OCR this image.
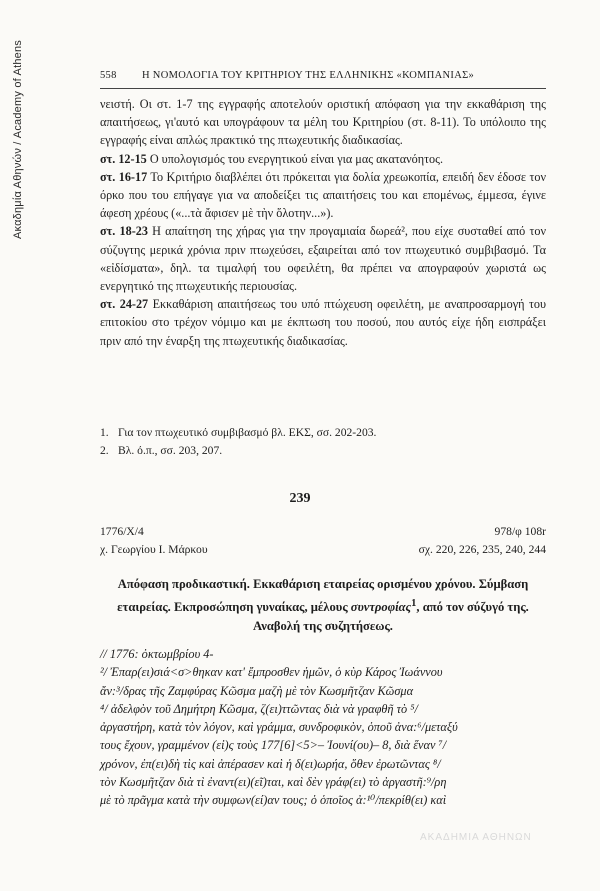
Ακαδημία Αθηνών / Academy of Athens	558 Η ΝΟΜΟΛΟΓΙΑ ΤΟΥ ΚΡΙΤΗΡΙΟΥ ΤΗΣ ΕΛΛΗΝΙΚΗΣ «ΚΟΜΠΑΝΙΑΣ»

νειστή. Οι στ. 1-7 της εγγραφής αποτελούν οριστική απόφαση για την εκκαθάριση της απαιτήσεως, γι'αυτό και υπογράφουν τα μέλη του Κριτηρίου (στ. 8-11). Το υπόλοιπο της εγγραφής είναι απλώς πρακτικό της πτωχευτικής διαδικασίας.

στ. 12-15 Ο υπολογισμός του ενεργητικού είναι για μας ακατανόητος.

στ. 16-17 Το Κριτήριο διαβλέπει ότι πρόκειται για δολία χρεωκοπία, επειδή δεν έδοσε τον όρκο που του επήγαγε για να αποδείξει τις απαιτήσεις του και επομένως, έμμεσα, έγινε άφεση χρέους («...τὰ ἄφισεν μὲ τὴν ὅλοτην...»).

στ. 18-23 Η απαίτηση της χήρας για την προγαμιαία δωρεά², που είχε συσταθεί από τον σύζυγτης μερικά χρόνια πριν πτωχεύσει, εξαιρείται από τον πτωχευτικό συμβιβασμό. Τα «εἰδίσματα», δηλ. τα τιμαλφή του οφειλέτη, θα πρέπει να απογραφούν χωριστά ως ενεργητικό της πτωχευτικής περιουσίας.

στ. 24-27 Εκκαθάριση απαιτήσεως του υπό πτώχευση οφειλέτη, με αναπροσαρμογή του επιτοκίου στο τρέχον νόμιμο και με έκπτωση του ποσού, που αυτός είχε ήδη εισπράξει πριν από την έναρξη της πτωχευτικής διαδικασίας.

1. Για τον πτωχευτικό συμβιβασμό βλ. ΕΚΣ, σσ. 202-203.
2. Βλ. ό.π., σσ. 203, 207.
239
1776/X/4	978/φ 108r
χ. Γεωργίου Ι. Μάρκου	σχ. 220, 226, 235, 240, 244
Απόφαση προδικαστική. Εκκαθάριση εταιρείας ορισμένου χρόνου. Σύμβαση εταιρείας. Εκπροσώπηση γυναίκας, μέλους συντροφίας$^1$, από τον σύζυγό της. Αναβολή της συζητήσεως.
// 1776: ὀκτωμβρίου 4-
²/ Ἐπαρ(ει)σιά<σ>θηκαν κατ' ἔμπροσθεν ἡμῶν, ὁ κὺρ Κάρος Ἰωάννου
ἄν:³/δρας τῆς Ζαμφύρας Κῶσμα μαζὴ μὲ τὸν Κωσμῆτζαν Κῶσμα
⁴/ ἀδελφὸν τοῦ Δημήτρη Κῶσμα, ζ(ει)ττῶντας διὰ νὰ γραφθῆ τὸ ⁵/
ἀργαστήρη, κατὰ τὸν λόγον, καὶ γράμμα, συνδροφικὸν, ὁποῦ ἀνα:⁶/μεταξύ
τους ἔχουν, γραμμένον (εἰ)ς τοὺς 177[6]<5>– Ἰουνί(ου)– 8, διὰ ἕναν ⁷/
χρόνον, ἐπ(ει)δὴ τὶς καὶ ἀπέρασεν καὶ ἡ δ(ει)ωρήα, ὅθεν ἐρωτῶντας ⁸/
τὸν Κωσμῆτζαν διὰ τὶ ἐναντ(ει)(εῖ)ται, καὶ δὲν γράφ(ει) τὸ ἀργαστῆ:⁹/ρη
μὲ τὸ πρᾶγμα κατὰ τὴν συμφων(εί)αν τους; ὁ ὁποῖος ἀ:¹⁰/πεκρίθ(ει) καὶ
ΑΚΑΔΗΜΙΑ ΑΘΗΝΩΝ
